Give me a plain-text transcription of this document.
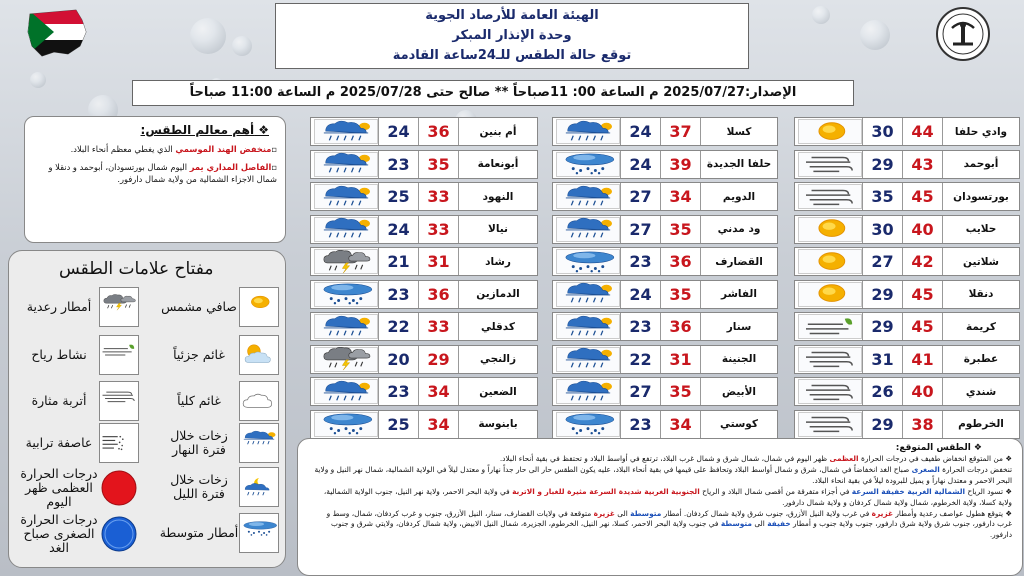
الهيئة العامة للأرصاد الجوية
وحدة الإنذار المبكر
توقع حالة الطقس للـ24ساعة القادمة
الإصدار:2025/07/27 م الساعة 00: 11صباحاً ** صالح حتى 2025/07/28 م الساعة 11:00 صباحاً
❖ أهم معالم الطقس:
▫منخفض الهند الموسمي الذي يغطي معظم أنحاء البلاد.
▫الفاصل المداري يمر اليوم شمال بورتسودان، أبوحمد و دنقلا و شمال الاجزاء الشمالية من ولاية شمال دارفور.
30	44	وادي حلفا
29	43	أبوحمد
35	45	بورتسودان
30	40	حلايب
27	42	شلاتين
29	45	دنقلا
29	45	كريمة
31	41	عطبرة
26	40	شندي
29	38	الخرطوم
24	37	كسلا
24	39	حلفا الجديدة
27	34	الدويم
27	35	ود مدني
23	36	القضارف
24	35	الفاشر
23	36	سنار
22	31	الجنينة
27	35	الأبيض
23	34	كوستي
24	36	أم بنين
23	35	أبونعامة
25	33	النهود
24	33	نيالا
21	31	رشاد
23	36	الدمازين
22	33	كدقلي
20	29	زالنجي
23	34	الضعين
25	34	بابنوسة
مفتاح علامات الطقس
صافي مشمس
أمطار رعدية
غائم جزئياً
نشاط رياح
غائم كلياً
أتربة مثارة
زخات خلال فترة النهار
عاصفة ترابية
زخات خلال فترة الليل
درجات الحرارة العظمى ظهر اليوم
أمطار متوسطة
درجات الحرارة الصغرى صباح الغد
❖ الطقس المتوقع:
❖ من المتوقع انخفاض طفيف في درجات الحرارة العظمى ظهر اليوم في شمال، شمال شرق و شمال غرب البلاد، ترتفع في أواسط البلاد و تحتفظ في بقية أنحاء البلاد.
تنخفض درجات الحرارة الصغرى صباح الغد انخفاضاً في شمال، شرق و شمال أواسط البلاد وتحافظ على قيمها في بقية أنحاء البلاد، عليه يكون الطقس حار الى حار جداً نهاراً و معتدل ليلاً في الولاية الشمالية، شمال نهر النيل و ولاية البحر الاحمر و معتدل نهاراً و يميل للبرودة ليلاً في بقية انحاء البلاد.
❖ تسود الرياح الشمالية الغربية خفيفة السرعة في أجزاء متفرقة من أقصى شمال البلاد و الرياح الجنوبية الغربية شديدة السرعة مثيرة للغبار و الاتربة في ولاية البحر الاحمر، ولاية نهر النيل، جنوب الولاية الشمالية، ولاية كسلا، ولاية الخرطوم، شمال ولاية شمال كردفان و ولاية شمال دارفور.
❖ يتوقع هطول عواصف رعدية وأمطار غزيرة في غرب ولاية النيل الأزرق، جنوب شرق ولاية شمال كردفان. أمطار متوسطة الى غزيرة متوقعة في ولايات القضارف، سنار، النيل الأزرق، جنوب و غرب كردفان، شمال، وسط و غرب دارفور، جنوب شرق ولاية شرق دارفور، جنوب ولاية جنوب و أمطار خفيفة الى متوسطة في جنوب ولاية البحر الاحمر، كسلا، نهر النيل، الخرطوم، الجزيرة، شمال النيل الابيض، ولاية شمال كردفان، ولايتي شرق و جنوب دارفور.
